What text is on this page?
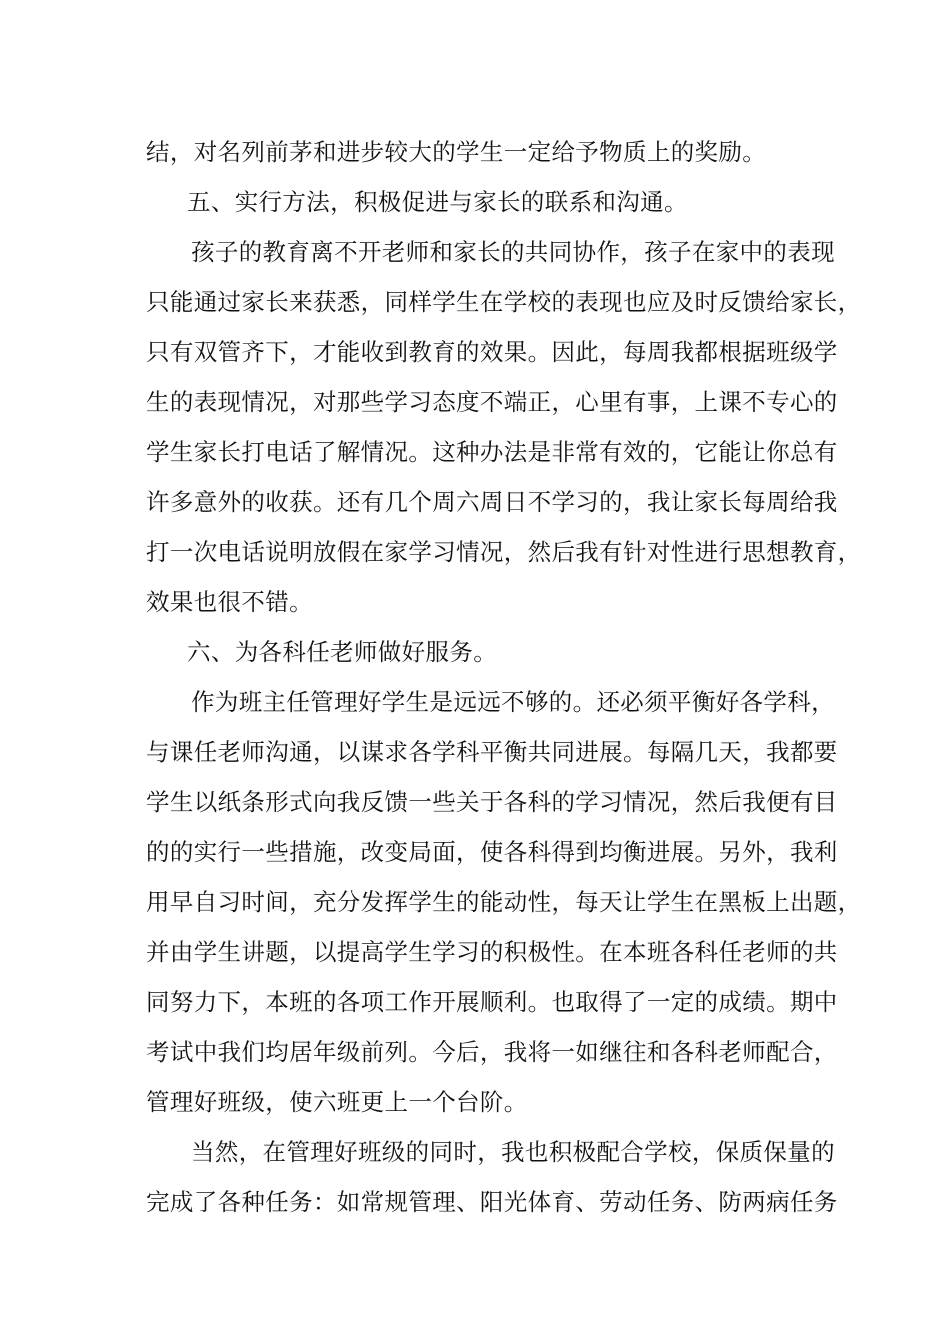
结，对名列前茅和进步较大的学生一定给予物质上的奖励。
五、实行方法，积极促进与家长的联系和沟通。
孩子的教育离不开老师和家长的共同协作，孩子在家中的表现
只能通过家长来获悉，同样学生在学校的表现也应及时反馈给家长，
只有双管齐下，才能收到教育的效果。因此，每周我都根据班级学
生的表现情况，对那些学习态度不端正，心里有事，上课不专心的
学生家长打电话了解情况。这种办法是非常有效的，它能让你总有
许多意外的收获。还有几个周六周日不学习的，我让家长每周给我
打一次电话说明放假在家学习情况，然后我有针对性进行思想教育，
效果也很不错。
六、为各科任老师做好服务。
作为班主任管理好学生是远远不够的。还必须平衡好各学科，
与课任老师沟通，以谋求各学科平衡共同进展。每隔几天，我都要
学生以纸条形式向我反馈一些关于各科的学习情况，然后我便有目
的的实行一些措施，改变局面，使各科得到均衡进展。另外，我利
用早自习时间，充分发挥学生的能动性，每天让学生在黑板上出题，
并由学生讲题，以提高学生学习的积极性。在本班各科任老师的共
同努力下，本班的各项工作开展顺利。也取得了一定的成绩。期中
考试中我们均居年级前列。今后，我将一如继往和各科老师配合，
管理好班级，使六班更上一个台阶。
当然，在管理好班级的同时，我也积极配合学校，保质保量的
完成了各种任务：如常规管理、阳光体育、劳动任务、防两病任务
